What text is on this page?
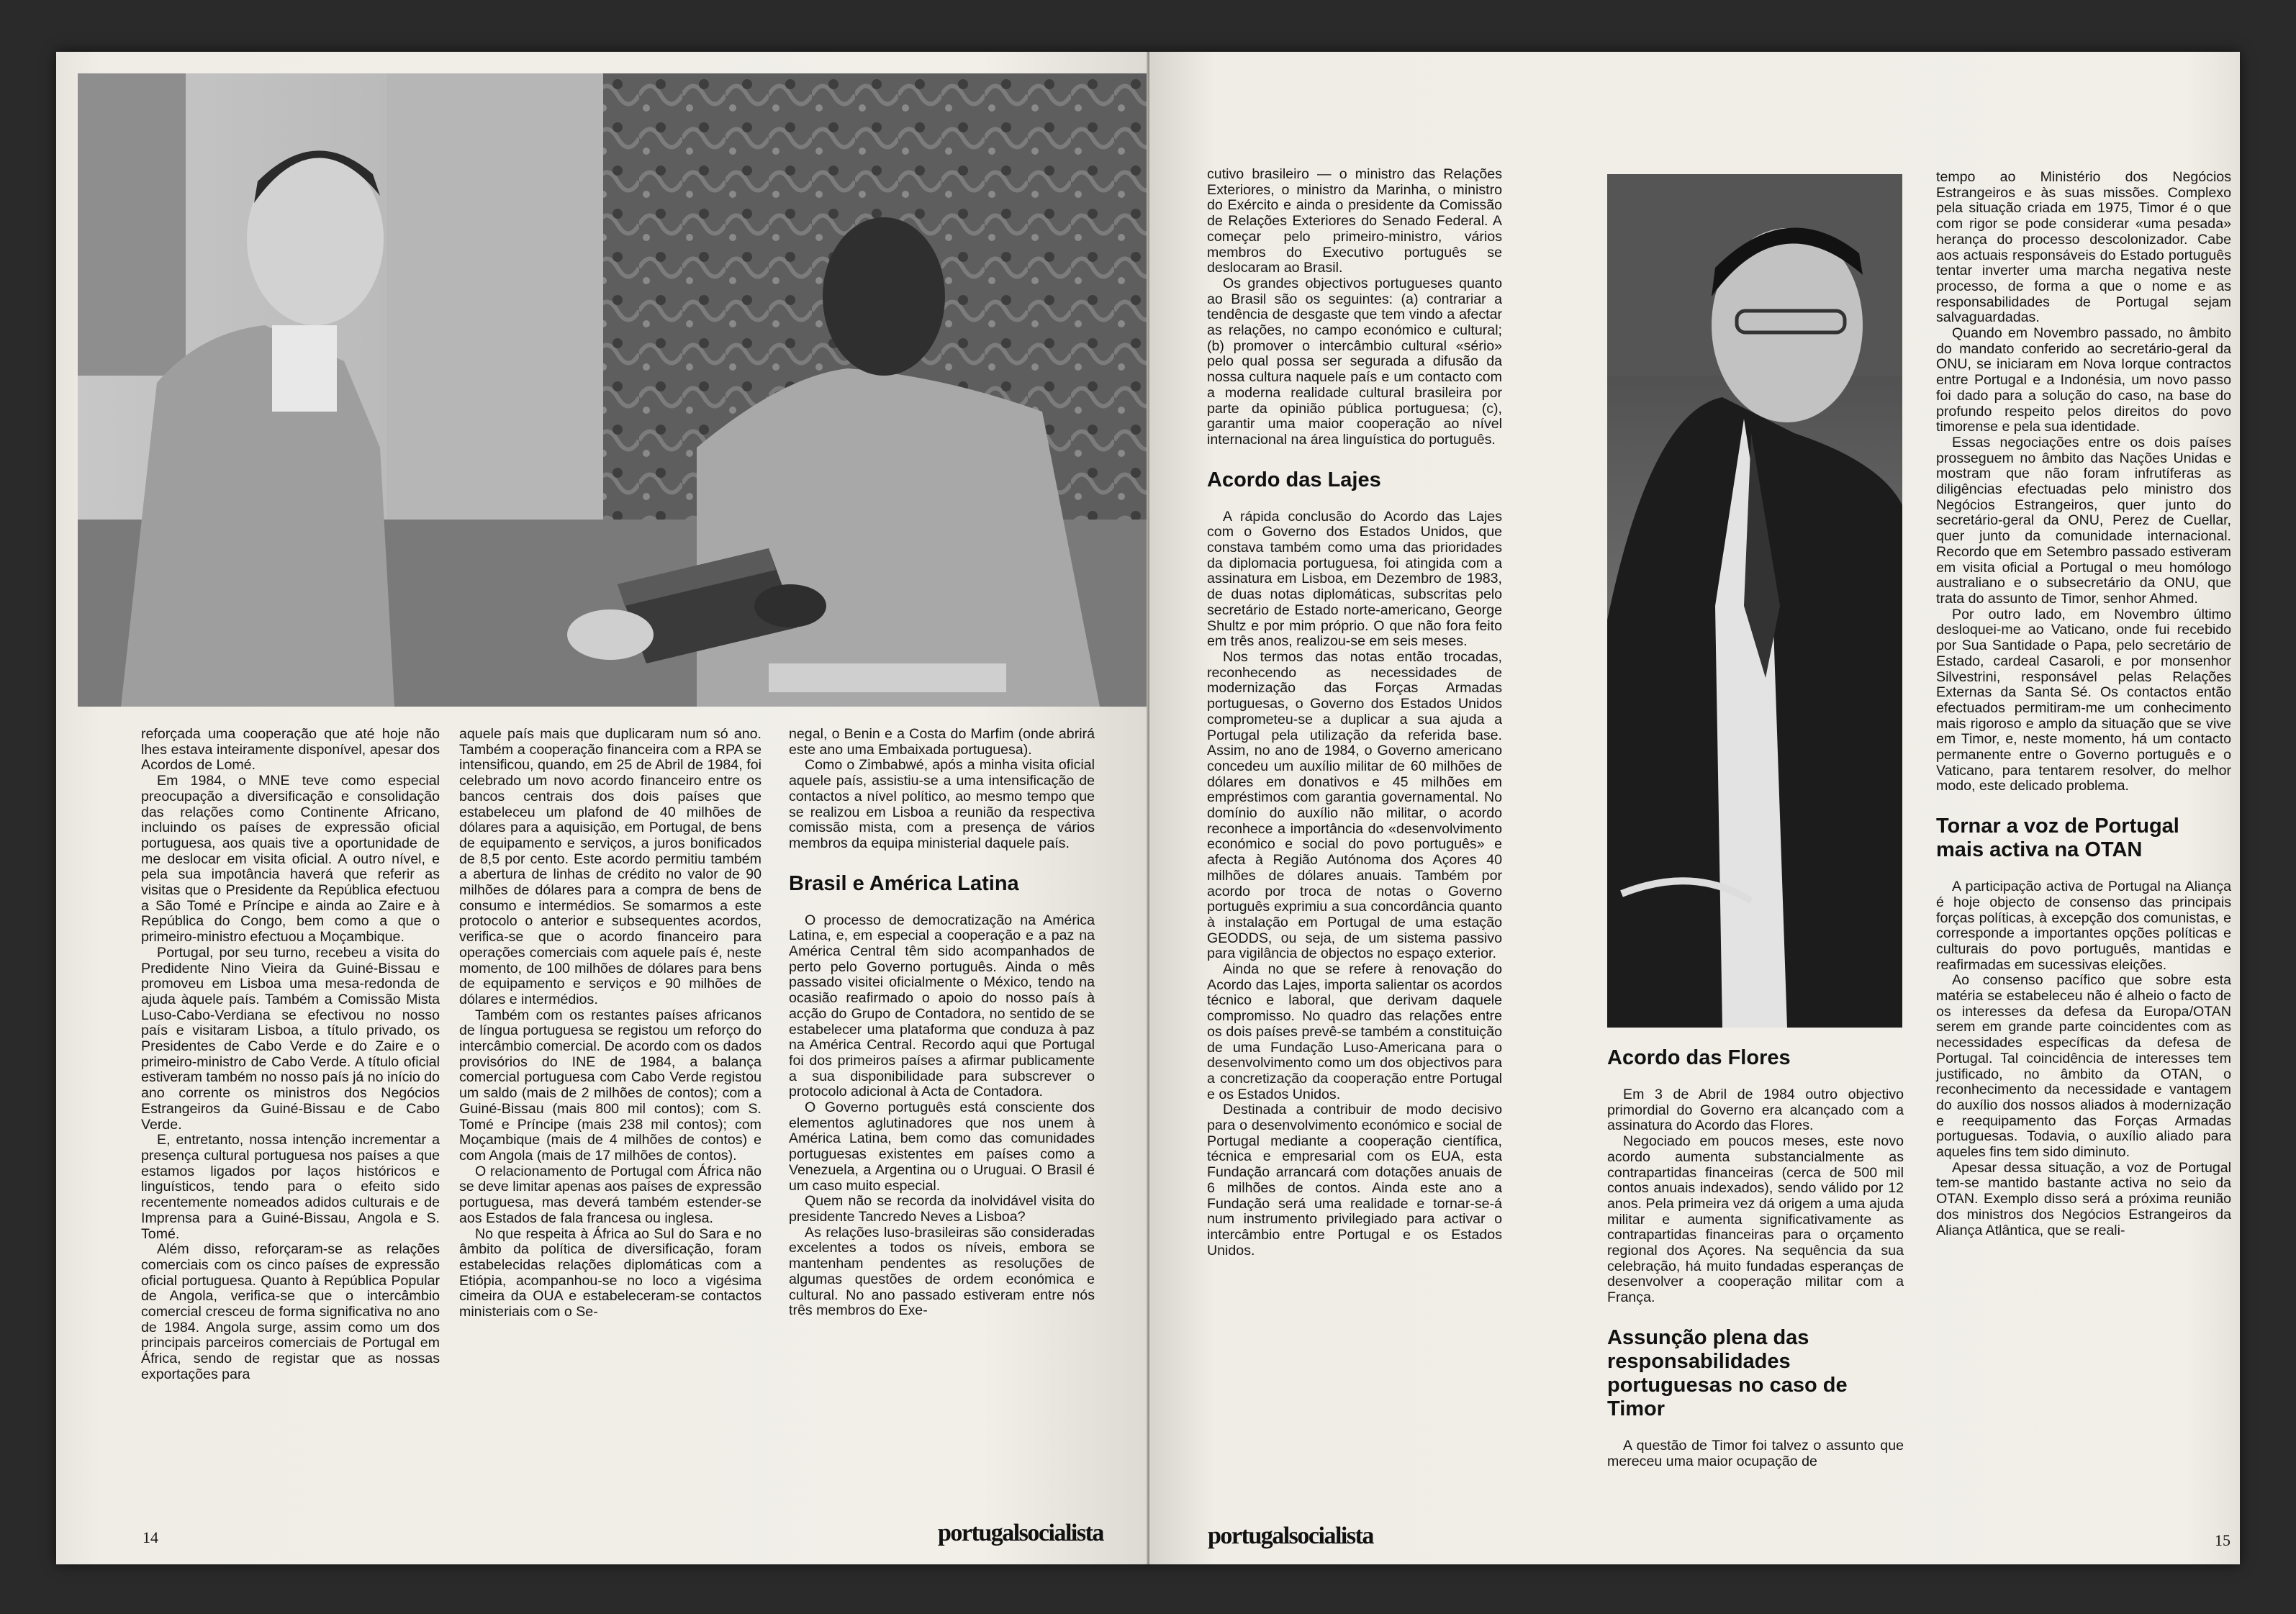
reforçada uma cooperação que até hoje não lhes estava inteiramente disponível, apesar dos Acordos de Lomé.

Em 1984, o MNE teve como especial preocupação a diversificação e consolidação das relações como Continente Africano, incluindo os países de expressão oficial portuguesa, aos quais tive a oportunidade de me deslocar em visita oficial. A outro nível, e pela sua impotância haverá que referir as visitas que o Presidente da República efectuou a São Tomé e Príncipe e ainda ao Zaire e à República do Congo, bem como a que o primeiro-ministro efectuou a Moçambique.

Portugal, por seu turno, recebeu a visita do Predidente Nino Vieira da Guiné-Bissau e promoveu em Lisboa uma mesa-redonda de ajuda àquele país. Também a Comissão Mista Luso-Cabo-Verdiana se efectivou no nosso país e visitaram Lisboa, a título privado, os Presidentes de Cabo Verde e do Zaire e o primeiro-ministro de Cabo Verde. A título oficial estiveram também no nosso país já no início do ano corrente os ministros dos Negócios Estrangeiros da Guiné-Bissau e de Cabo Verde.

E, entretanto, nossa intenção incrementar a presença cultural portuguesa nos países a que estamos ligados por laços históricos e linguísticos, tendo para o efeito sido recentemente nomeados adidos culturais e de Imprensa para a Guiné-Bissau, Angola e S. Tomé.

Além disso, reforçaram-se as relações comerciais com os cinco países de expressão oficial portuguesa. Quanto à República Popular de Angola, verifica-se que o intercâmbio comercial cresceu de forma significativa no ano de 1984. Angola surge, assim como um dos principais parceiros comerciais de Portugal em África, sendo de registar que as nossas exportações para

aquele país mais que duplicaram num só ano. Também a cooperação financeira com a RPA se intensificou, quando, em 25 de Abril de 1984, foi celebrado um novo acordo financeiro entre os bancos centrais dos dois países que estabeleceu um plafond de 40 milhões de dólares para a aquisição, em Portugal, de bens de equipamento e serviços, a juros bonificados de 8,5 por cento. Este acordo permitiu também a abertura de linhas de crédito no valor de 90 milhões de dólares para a compra de bens de consumo e intermédios. Se somarmos a este protocolo o anterior e subsequentes acordos, verifica-se que o acordo financeiro para operações comerciais com aquele país é, neste momento, de 100 milhões de dólares para bens de equipamento e serviços e 90 milhões de dólares e intermédios.

Também com os restantes países africanos de língua portuguesa se registou um reforço do intercâmbio comercial. De acordo com os dados provisórios do INE de 1984, a balança comercial portuguesa com Cabo Verde registou um saldo (mais de 2 milhões de contos); com a Guiné-Bissau (mais 800 mil contos); com S. Tomé e Príncipe (mais 238 mil contos); com Moçambique (mais de 4 milhões de contos) e com Angola (mais de 17 milhões de contos).

O relacionamento de Portugal com África não se deve limitar apenas aos países de expressão portuguesa, mas deverá também estender-se aos Estados de fala francesa ou inglesa.

No que respeita à África ao Sul do Sara e no âmbito da política de diversificação, foram estabelecidas relações diplomáticas com a Etiópia, acompanhou-se no loco a vigésima cimeira da OUA e estabeleceram-se contactos ministeriais com o Se-

negal, o Benin e a Costa do Marfim (onde abrirá este ano uma Embaixada portuguesa).

Como o Zimbabwé, após a minha visita oficial aquele país, assistiu-se a uma intensificação de contactos a nível político, ao mesmo tempo que se realizou em Lisboa a reunião da respectiva comissão mista, com a presença de vários membros da equipa ministerial daquele país.

Brasil e América Latina

O processo de democratização na América Latina, e, em especial a cooperação e a paz na América Central têm sido acompanhados de perto pelo Governo português. Ainda o mês passado visitei oficialmente o México, tendo na ocasião reafirmado o apoio do nosso país à acção do Grupo de Contadora, no sentido de se estabelecer uma plataforma que conduza à paz na América Central. Recordo aqui que Portugal foi dos primeiros países a afirmar publicamente a sua disponibilidade para subscrever o protocolo adicional à Acta de Contadora.

O Governo português está consciente dos elementos aglutinadores que nos unem à América Latina, bem como das comunidades portuguesas existentes em países como a Venezuela, a Argentina ou o Uruguai. O Brasil é um caso muito especial.

Quem não se recorda da inolvidável visita do presidente Tancredo Neves a Lisboa?

As relações luso-brasileiras são consideradas excelentes a todos os níveis, embora se mantenham pendentes as resoluções de algumas questões de ordem económica e cultural. No ano passado estiveram entre nós três membros do Exe-

14	portugalsocialista

cutivo brasileiro — o ministro das Relações Exteriores, o ministro da Marinha, o ministro do Exército e ainda o presidente da Comissão de Relações Exteriores do Senado Federal. A começar pelo primeiro-ministro, vários membros do Executivo português se deslocaram ao Brasil.

Os grandes objectivos portugueses quanto ao Brasil são os seguintes: (a) contrariar a tendência de desgaste que tem vindo a afectar as relações, no campo económico e cultural; (b) promover o intercâmbio cultural «sério» pelo qual possa ser segurada a difusão da nossa cultura naquele país e um contacto com a moderna realidade cultural brasileira por parte da opinião pública portuguesa; (c), garantir uma maior cooperação ao nível internacional na área linguística do português.

Acordo das Lajes

A rápida conclusão do Acordo das Lajes com o Governo dos Estados Unidos, que constava também como uma das prioridades da diplomacia portuguesa, foi atingida com a assinatura em Lisboa, em Dezembro de 1983, de duas notas diplomáticas, subscritas pelo secretário de Estado norte-americano, George Shultz e por mim próprio. O que não fora feito em três anos, realizou-se em seis meses.

Nos termos das notas então trocadas, reconhecendo as necessidades de modernização das Forças Armadas portuguesas, o Governo dos Estados Unidos comprometeu-se a duplicar a sua ajuda a Portugal pela utilização da referida base. Assim, no ano de 1984, o Governo americano concedeu um auxílio militar de 60 milhões de dólares em donativos e 45 milhões em empréstimos com garantia governamental. No domínio do auxílio não militar, o acordo reconhece a importância do «desenvolvimento económico e social do povo português» e afecta à Região Autónoma dos Açores 40 milhões de dólares anuais. Também por acordo por troca de notas o Governo português exprimiu a sua concordância quanto à instalação em Portugal de uma estação GEODDS, ou seja, de um sistema passivo para vigilância de objectos no espaço exterior.

Ainda no que se refere à renovação do Acordo das Lajes, importa salientar os acordos técnico e laboral, que derivam daquele compromisso. No quadro das relações entre os dois países prevê-se também a constituição de uma Fundação Luso-Americana para o desenvolvimento como um dos objectivos para a concretização da cooperação entre Portugal e os Estados Unidos.

Destinada a contribuir de modo decisivo para o desenvolvimento económico e social de Portugal mediante a cooperação científica, técnica e empresarial com os EUA, esta Fundação arrancará com dotações anuais de 6 milhões de contos. Ainda este ano a Fundação será uma realidade e tornar-se-á num instrumento privilegiado para activar o intercâmbio entre Portugal e os Estados Unidos.

Acordo das Flores

Em 3 de Abril de 1984 outro objectivo primordial do Governo era alcançado com a assinatura do Acordo das Flores.

Negociado em poucos meses, este novo acordo aumenta substancialmente as contrapartidas financeiras (cerca de 500 mil contos anuais indexados), sendo válido por 12 anos. Pela primeira vez dá origem a uma ajuda militar e aumenta significativamente as contrapartidas financeiras para o orçamento regional dos Açores. Na sequência da sua celebração, há muito fundadas esperanças de desenvolver a cooperação militar com a França.

Assunção plena das responsabilidades portuguesas no caso de Timor

A questão de Timor foi talvez o assunto que mereceu uma maior ocupação de

tempo ao Ministério dos Negócios Estrangeiros e às suas missões. Complexo pela situação criada em 1975, Timor é o que com rigor se pode considerar «uma pesada» herança do processo descolonizador. Cabe aos actuais responsáveis do Estado português tentar inverter uma marcha negativa neste processo, de forma a que o nome e as responsabilidades de Portugal sejam salvaguardadas.

Quando em Novembro passado, no âmbito do mandato conferido ao secretário-geral da ONU, se iniciaram em Nova Iorque contractos entre Portugal e a Indonésia, um novo passo foi dado para a solução do caso, na base do profundo respeito pelos direitos do povo timorense e pela sua identidade.

Essas negociações entre os dois países prosseguem no âmbito das Nações Unidas e mostram que não foram infrutíferas as diligências efectuadas pelo ministro dos Negócios Estrangeiros, quer junto do secretário-geral da ONU, Perez de Cuellar, quer junto da comunidade internacional. Recordo que em Setembro passado estiveram em visita oficial a Portugal o meu homólogo australiano e o subsecretário da ONU, que trata do assunto de Timor, senhor Ahmed.

Por outro lado, em Novembro último desloquei-me ao Vaticano, onde fui recebido por Sua Santidade o Papa, pelo secretário de Estado, cardeal Casaroli, e por monsenhor Silvestrini, responsável pelas Relações Externas da Santa Sé. Os contactos então efectuados permitiram-me um conhecimento mais rigoroso e amplo da situação que se vive em Timor, e, neste momento, há um contacto permanente entre o Governo português e o Vaticano, para tentarem resolver, do melhor modo, este delicado problema.

Tornar a voz de Portugal mais activa na OTAN

A participação activa de Portugal na Aliança é hoje objecto de consenso das principais forças políticas, à excepção dos comunistas, e corresponde a importantes opções políticas e culturais do povo português, mantidas e reafirmadas em sucessivas eleições.

Ao consenso pacífico que sobre esta matéria se estabeleceu não é alheio o facto de os interesses da defesa da Europa/OTAN serem em grande parte coincidentes com as necessidades específicas da defesa de Portugal. Tal coincidência de interesses tem justificado, no âmbito da OTAN, o reconhecimento da necessidade e vantagem do auxílio dos nossos aliados à modernização e reequipamento das Forças Armadas portuguesas. Todavia, o auxílio aliado para aqueles fins tem sido diminuto.

Apesar dessa situação, a voz de Portugal tem-se mantido bastante activa no seio da OTAN. Exemplo disso será a próxima reunião dos ministros dos Negócios Estrangeiros da Aliança Atlântica, que se reali-

portugalsocialista	15
